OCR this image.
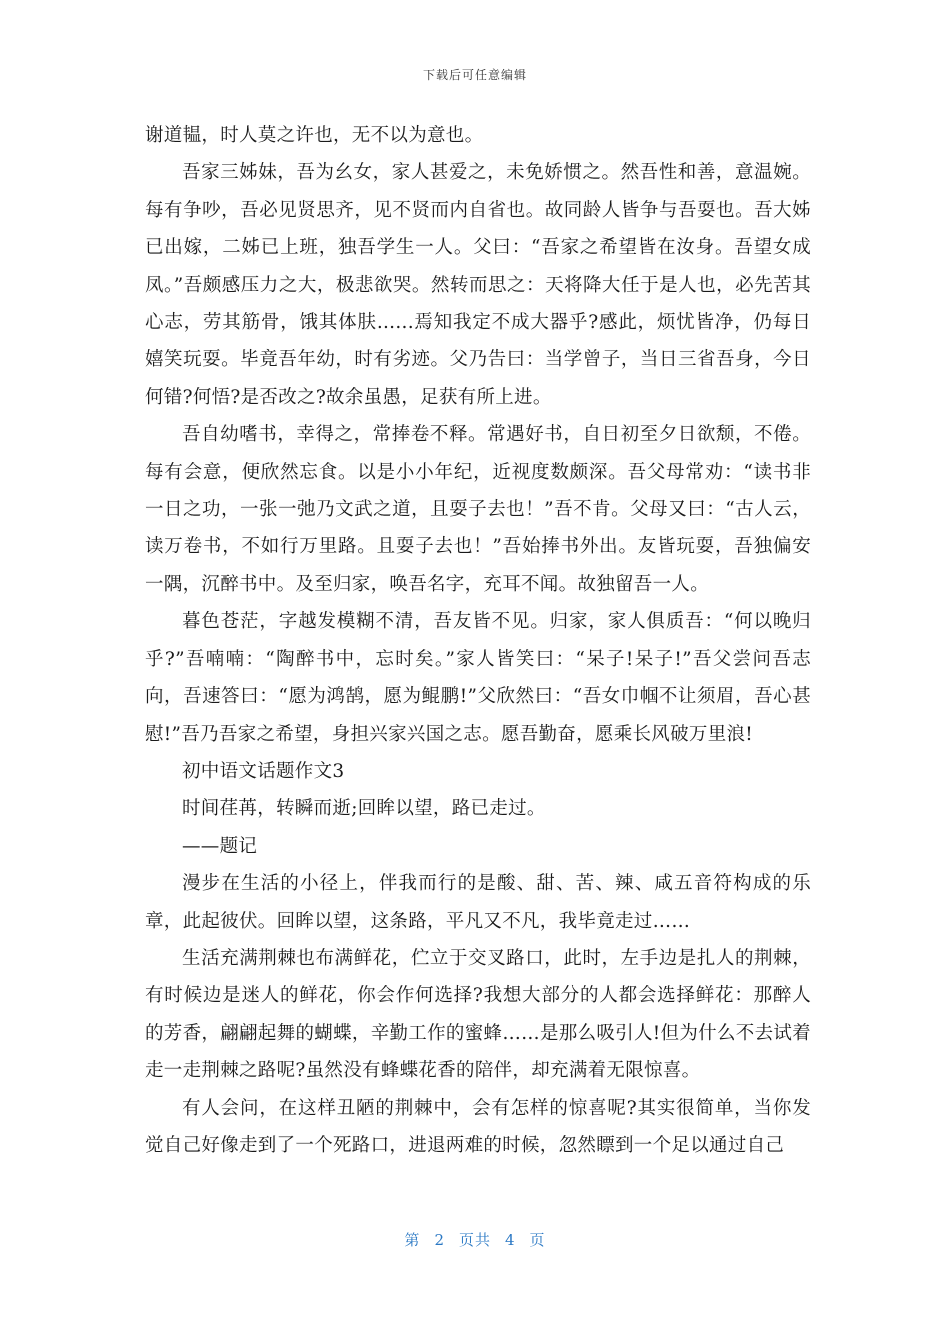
下载后可任意编辑

谢道韫，时人莫之许也，无不以为意也。

吾家三姊妹，吾为幺女，家人甚爱之，未免娇惯之。然吾性和善，意温婉。每有争吵，吾必见贤思齐，见不贤而内自省也。故同龄人皆争与吾耍也。吾大姊已出嫁，二姊已上班，独吾学生一人。父曰：“吾家之希望皆在汝身。吾望女成凤。”吾颇感压力之大，极悲欲哭。然转而思之：天将降大任于是人也，必先苦其心志，劳其筋骨，饿其体肤......焉知我定不成大器乎?感此，烦忧皆净，仍每日嬉笑玩耍。毕竟吾年幼，时有劣迹。父乃告曰：当学曾子，当日三省吾身，今日何错?何悟?是否改之?故余虽愚，足获有所上进。

吾自幼嗜书，幸得之，常捧卷不释。常遇好书，自日初至夕日欲颓，不倦。每有会意，便欣然忘食。以是小小年纪，近视度数颇深。吾父母常劝：“读书非一日之功，一张一弛乃文武之道，且耍子去也！”吾不肯。父母又曰：“古人云，读万卷书，不如行万里路。且耍子去也！”吾始捧书外出。友皆玩耍，吾独偏安一隅，沉醉书中。及至归家，唤吾名字，充耳不闻。故独留吾一人。

暮色苍茫，字越发模糊不清，吾友皆不见。归家，家人俱质吾：“何以晚归乎?”吾喃喃：“陶醉书中，忘时矣。”家人皆笑曰：“呆子!呆子!”吾父尝问吾志向，吾速答曰：“愿为鸿鹄，愿为鲲鹏!”父欣然曰：“吾女巾帼不让须眉，吾心甚慰!”吾乃吾家之希望，身担兴家兴国之志。愿吾勤奋，愿乘长风破万里浪!

初中语文话题作文3

时间荏苒，转瞬而逝;回眸以望，路已走过。

——题记

漫步在生活的小径上，伴我而行的是酸、甜、苦、辣、咸五音符构成的乐章，此起彼伏。回眸以望，这条路，平凡又不凡，我毕竟走过……

生活充满荆棘也布满鲜花，伫立于交叉路口，此时，左手边是扎人的荆棘，有时候边是迷人的鲜花，你会作何选择?我想大部分的人都会选择鲜花：那醉人的芳香，翩翩起舞的蝴蝶，辛勤工作的蜜蜂……是那么吸引人!但为什么不去试着走一走荆棘之路呢?虽然没有蜂蝶花香的陪伴，却充满着无限惊喜。

有人会问，在这样丑陋的荆棘中，会有怎样的惊喜呢?其实很简单，当你发觉自己好像走到了一个死路口，进退两难的时候，忽然瞟到一个足以通过自己

第 2 页共 4 页
